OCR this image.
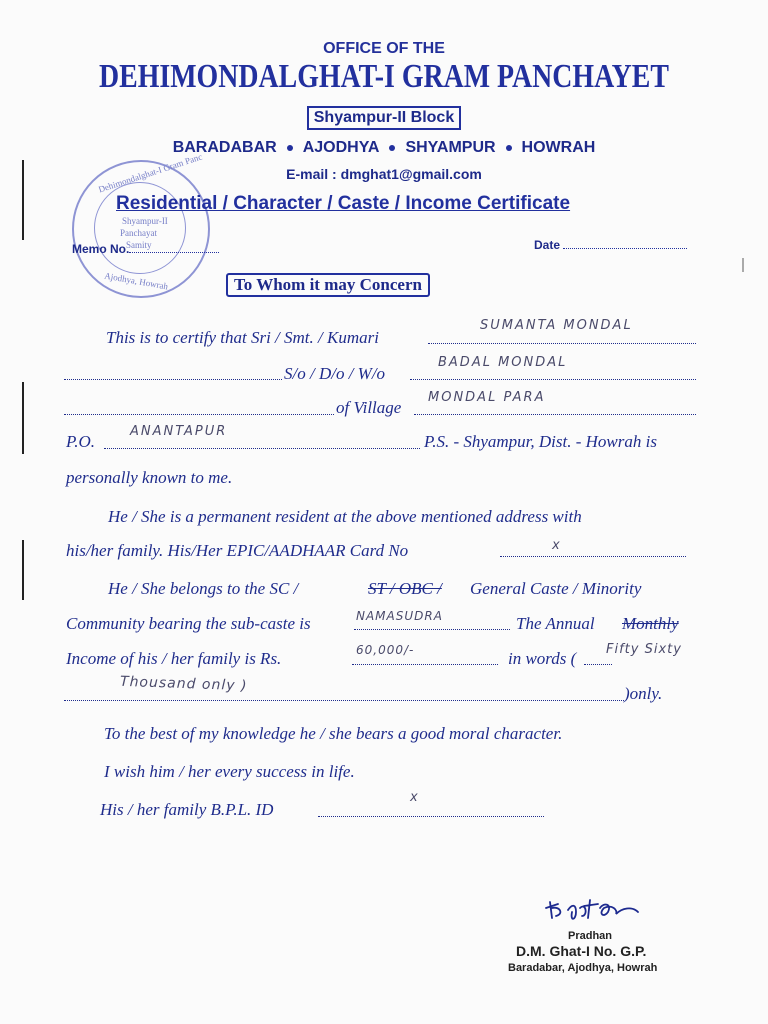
OFFICE OF THE
DEHIMONDALGHAT-I GRAM PANCHAYET
Shyampur-II Block
BARADABAR AJODHYA SHYAMPUR HOWRAH
E-mail : dmghat1@gmail.com
Dehimondalghat-I Gram Panc
Shyampur-II
Panchayat
Samity
Ajodhya, Howrah
Residential / Character / Caste / Income Certificate
Memo No.	Date
To Whom it may Concern
This is to certify that Sri / Smt. / Kumari
SUMANTA MONDAL
S/o / D/o / W/o
BADAL MONDAL
of Village
MONDAL PARA
P.O.
ANANTAPUR
P.S. - Shyampur, Dist. - Howrah is
personally known to me.
He / She is a permanent resident at the above mentioned address with
his/her family. His/Her EPIC/AADHAAR Card No	x
He / She belongs to the SC /	ST / OBC / General Caste / Minority
Community bearing the sub-caste is	NAMASUDRA	The Annual Monthly
Income of his / her family is Rs.	60,000/-	in words ( Fifty Sixty
Thousand only )	)only.
To the best of my knowledge he / she bears a good moral character.
I wish him / her every success in life.
His / her family B.P.L. ID
x
Pradhan
D.M. Ghat-I No. G.P.
Baradabar, Ajodhya, Howrah
